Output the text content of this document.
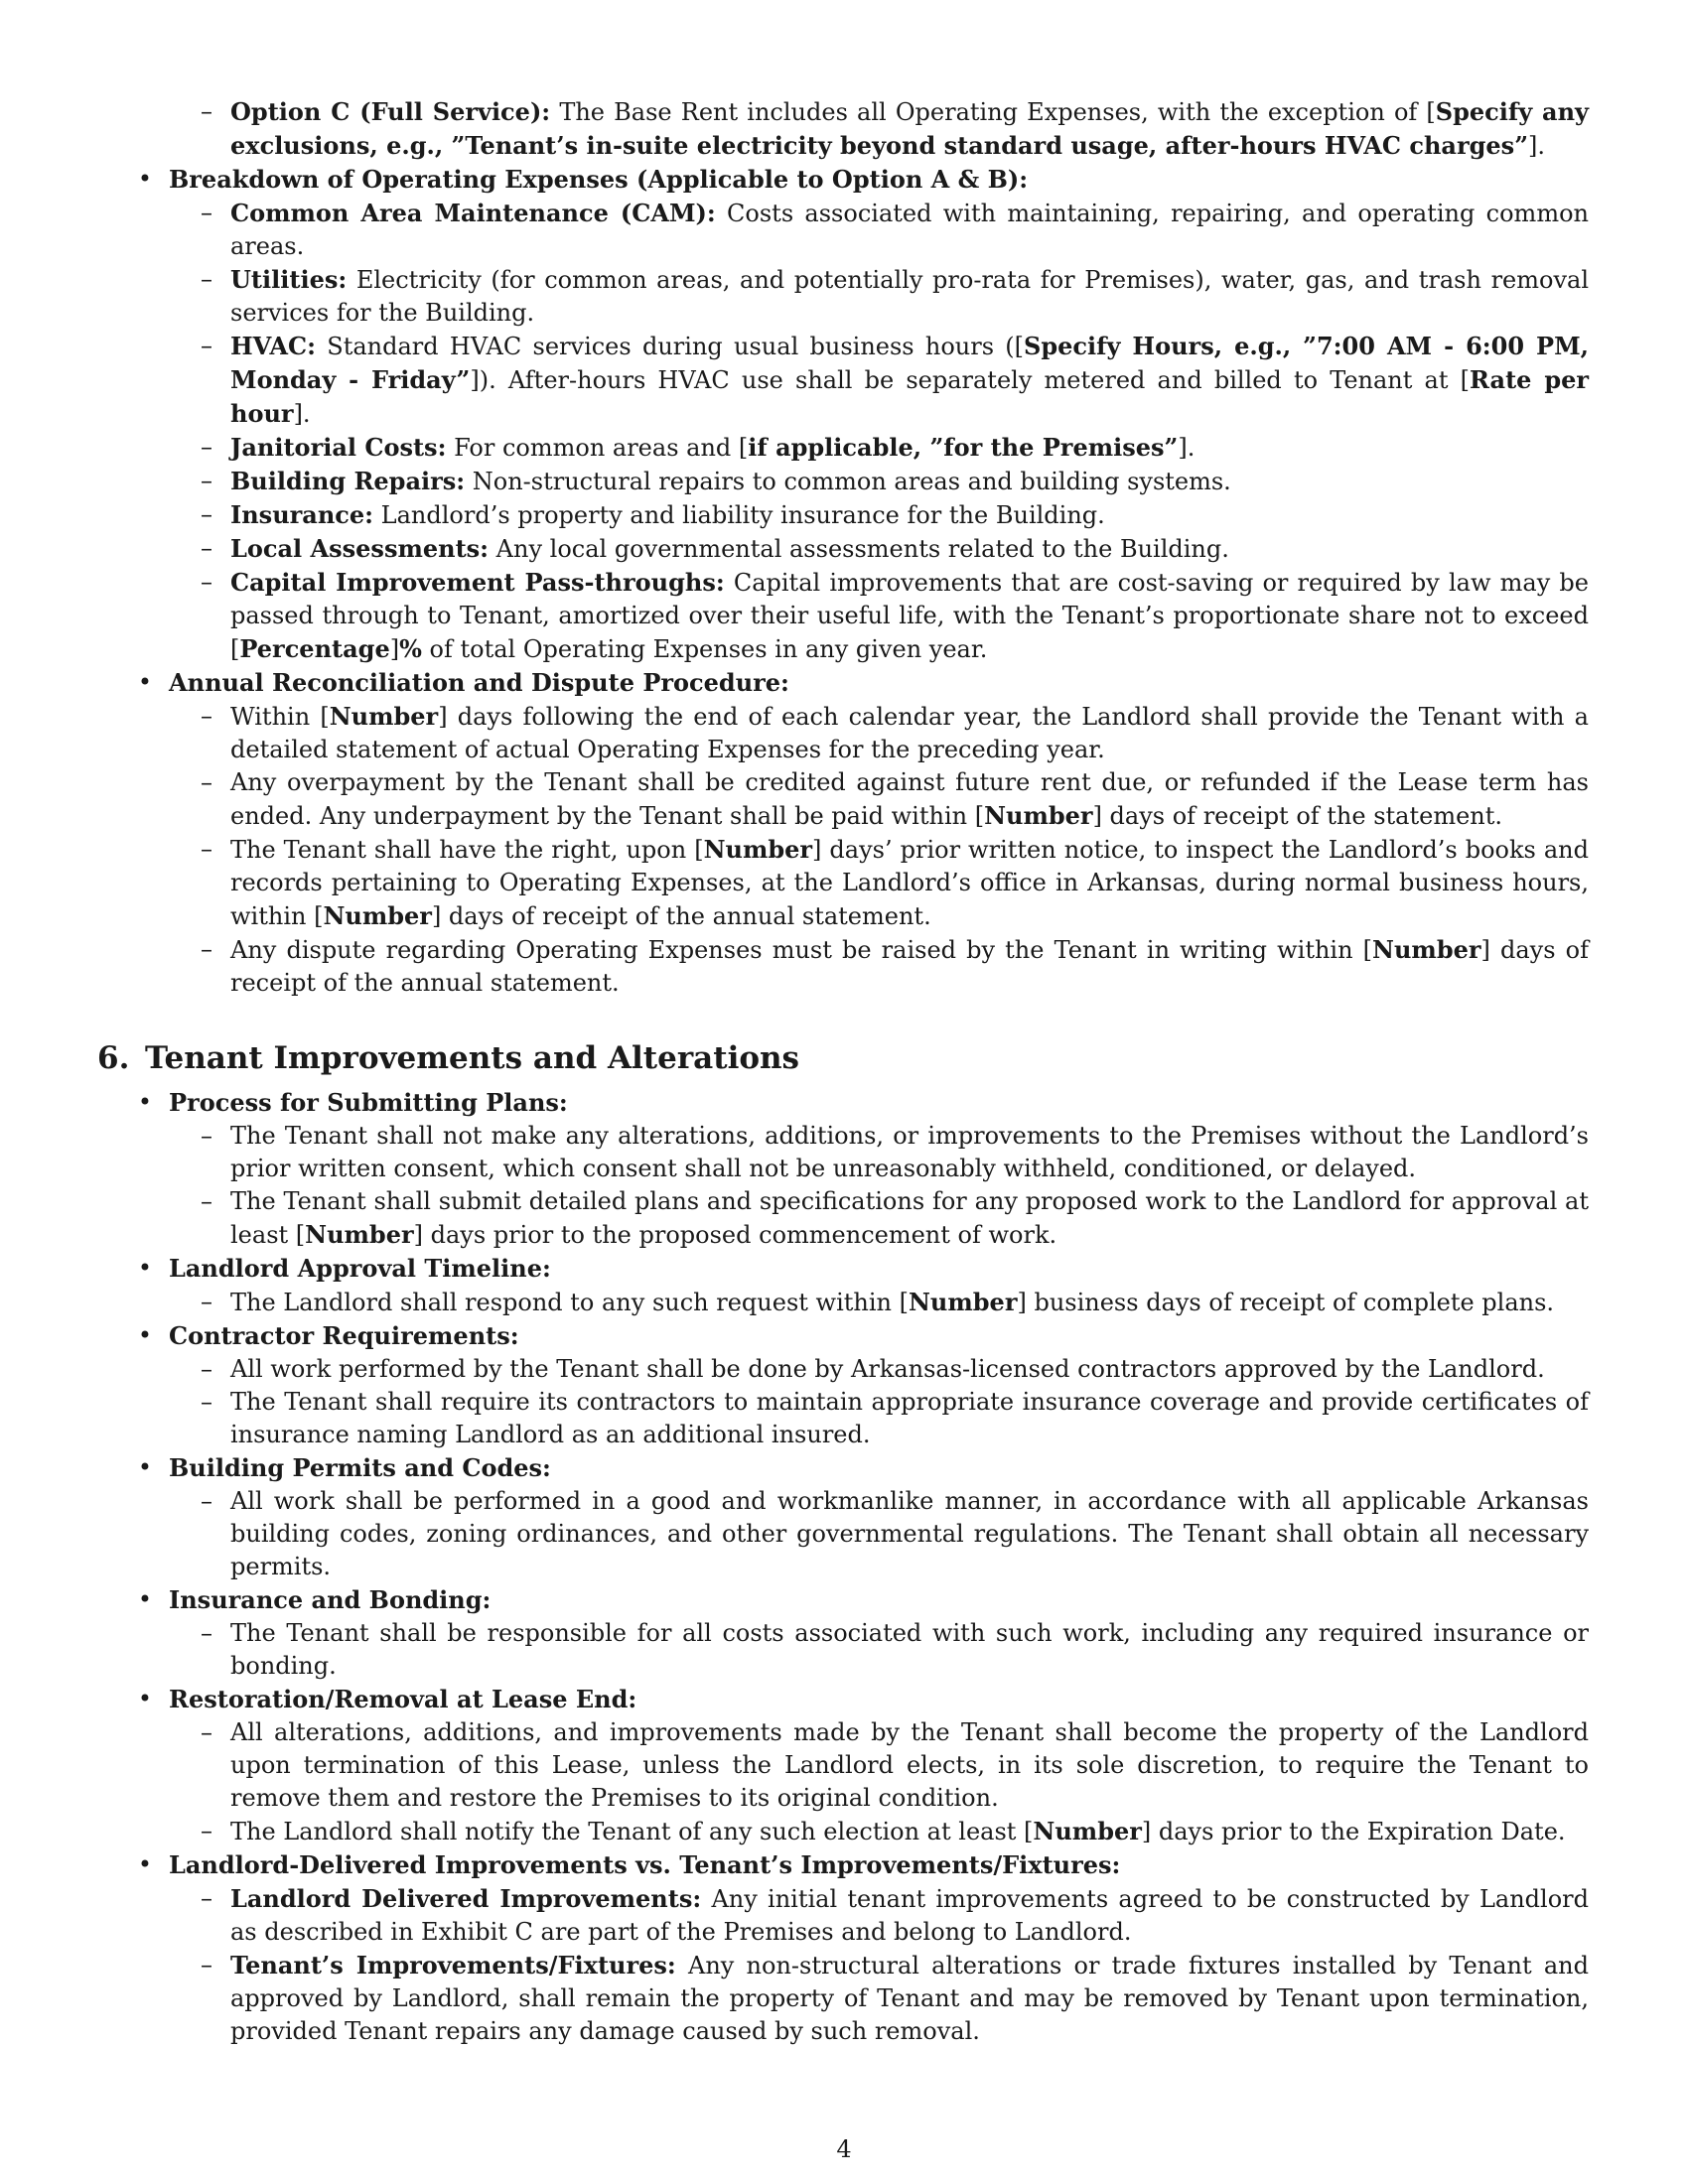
– Option C (Full Service): The Base Rent includes all Operating Expenses, with the exception of [Specify any exclusions, e.g., ”Tenant’s in-suite electricity beyond standard usage, after-hours HVAC charges”].
• Breakdown of Operating Expenses (Applicable to Option A & B):
– Common Area Maintenance (CAM): Costs associated with maintaining, repairing, and operating common areas.
– Utilities: Electricity (for common areas, and potentially pro-rata for Premises), water, gas, and trash removal services for the Building.
– HVAC: Standard HVAC services during usual business hours ([Specify Hours, e.g., ”7:00 AM - 6:00 PM, Monday - Friday”]). After-hours HVAC use shall be separately metered and billed to Tenant at [Rate per hour].
– Janitorial Costs: For common areas and [if applicable, ”for the Premises”].
– Building Repairs: Non-structural repairs to common areas and building systems.
– Insurance: Landlord’s property and liability insurance for the Building.
– Local Assessments: Any local governmental assessments related to the Building.
– Capital Improvement Pass-throughs: Capital improvements that are cost-saving or required by law may be passed through to Tenant, amortized over their useful life, with the Tenant’s proportionate share not to exceed [Percentage]% of total Operating Expenses in any given year.
• Annual Reconciliation and Dispute Procedure:
– Within [Number] days following the end of each calendar year, the Landlord shall provide the Tenant with a detailed statement of actual Operating Expenses for the preceding year.
– Any overpayment by the Tenant shall be credited against future rent due, or refunded if the Lease term has ended. Any underpayment by the Tenant shall be paid within [Number] days of receipt of the statement.
– The Tenant shall have the right, upon [Number] days’ prior written notice, to inspect the Landlord’s books and records pertaining to Operating Expenses, at the Landlord’s office in Arkansas, during normal business hours, within [Number] days of receipt of the annual statement.
– Any dispute regarding Operating Expenses must be raised by the Tenant in writing within [Number] days of receipt of the annual statement.
6. Tenant Improvements and Alterations
• Process for Submitting Plans:
– The Tenant shall not make any alterations, additions, or improvements to the Premises without the Landlord’s prior written consent, which consent shall not be unreasonably withheld, conditioned, or delayed.
– The Tenant shall submit detailed plans and specifications for any proposed work to the Landlord for approval at least [Number] days prior to the proposed commencement of work.
• Landlord Approval Timeline:
– The Landlord shall respond to any such request within [Number] business days of receipt of complete plans.
• Contractor Requirements:
– All work performed by the Tenant shall be done by Arkansas-licensed contractors approved by the Landlord.
– The Tenant shall require its contractors to maintain appropriate insurance coverage and provide certificates of insurance naming Landlord as an additional insured.
• Building Permits and Codes:
– All work shall be performed in a good and workmanlike manner, in accordance with all applicable Arkansas building codes, zoning ordinances, and other governmental regulations. The Tenant shall obtain all necessary permits.
• Insurance and Bonding:
– The Tenant shall be responsible for all costs associated with such work, including any required insurance or bonding.
• Restoration/Removal at Lease End:
– All alterations, additions, and improvements made by the Tenant shall become the property of the Landlord upon termination of this Lease, unless the Landlord elects, in its sole discretion, to require the Tenant to remove them and restore the Premises to its original condition.
– The Landlord shall notify the Tenant of any such election at least [Number] days prior to the Expiration Date.
• Landlord-Delivered Improvements vs. Tenant’s Improvements/Fixtures:
– Landlord Delivered Improvements: Any initial tenant improvements agreed to be constructed by Landlord as described in Exhibit C are part of the Premises and belong to Landlord.
– Tenant’s Improvements/Fixtures: Any non-structural alterations or trade fixtures installed by Tenant and approved by Landlord, shall remain the property of Tenant and may be removed by Tenant upon termination, provided Tenant repairs any damage caused by such removal.
4
